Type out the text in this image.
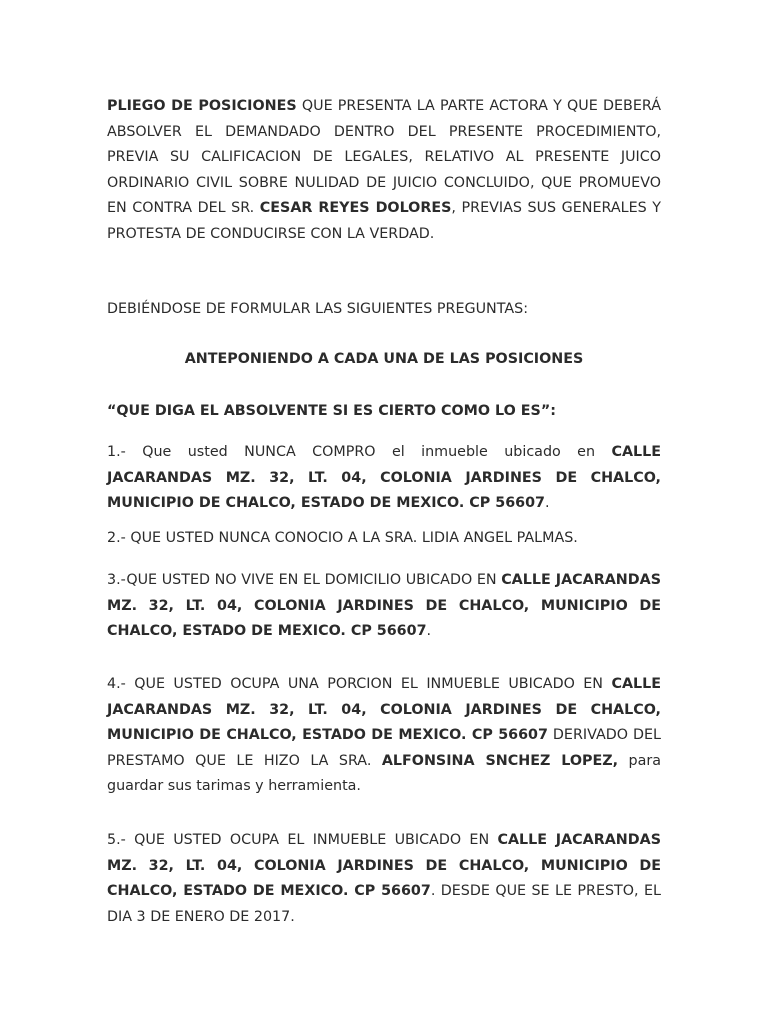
PLIEGO DE POSICIONES QUE PRESENTA LA PARTE ACTORA Y QUE DEBERÁ ABSOLVER EL DEMANDADO DENTRO DEL PRESENTE PROCEDIMIENTO, PREVIA SU CALIFICACION DE LEGALES, RELATIVO AL PRESENTE JUICO ORDINARIO CIVIL SOBRE NULIDAD DE JUICIO CONCLUIDO, QUE PROMUEVO EN CONTRA DEL SR. CESAR REYES DOLORES, PREVIAS SUS GENERALES Y PROTESTA DE CONDUCIRSE CON LA VERDAD.

DEBIÉNDOSE DE FORMULAR LAS SIGUIENTES PREGUNTAS:

ANTEPONIENDO A CADA UNA DE LAS POSICIONES

“QUE DIGA EL ABSOLVENTE SI ES CIERTO COMO LO ES”:

1.- Que usted NUNCA COMPRO el inmueble ubicado en CALLE JACARANDAS MZ. 32, LT. 04, COLONIA JARDINES DE CHALCO, MUNICIPIO DE CHALCO, ESTADO DE MEXICO. CP 56607.

2.- QUE USTED NUNCA CONOCIO A LA SRA. LIDIA ANGEL PALMAS.

3.-QUE USTED NO VIVE EN EL DOMICILIO UBICADO EN CALLE JACARANDAS MZ. 32, LT. 04, COLONIA JARDINES DE CHALCO, MUNICIPIO DE CHALCO, ESTADO DE MEXICO. CP 56607.

4.- QUE USTED OCUPA UNA PORCION EL INMUEBLE UBICADO EN CALLE JACARANDAS MZ. 32, LT. 04, COLONIA JARDINES DE CHALCO, MUNICIPIO DE CHALCO, ESTADO DE MEXICO. CP 56607 DERIVADO DEL PRESTAMO QUE LE HIZO LA SRA. ALFONSINA SNCHEZ LOPEZ, para guardar sus tarimas y herramienta.

5.- QUE USTED OCUPA EL INMUEBLE UBICADO EN CALLE JACARANDAS MZ. 32, LT. 04, COLONIA JARDINES DE CHALCO, MUNICIPIO DE CHALCO, ESTADO DE MEXICO. CP 56607. DESDE QUE SE LE PRESTO, EL DIA 3 DE ENERO DE 2017.
